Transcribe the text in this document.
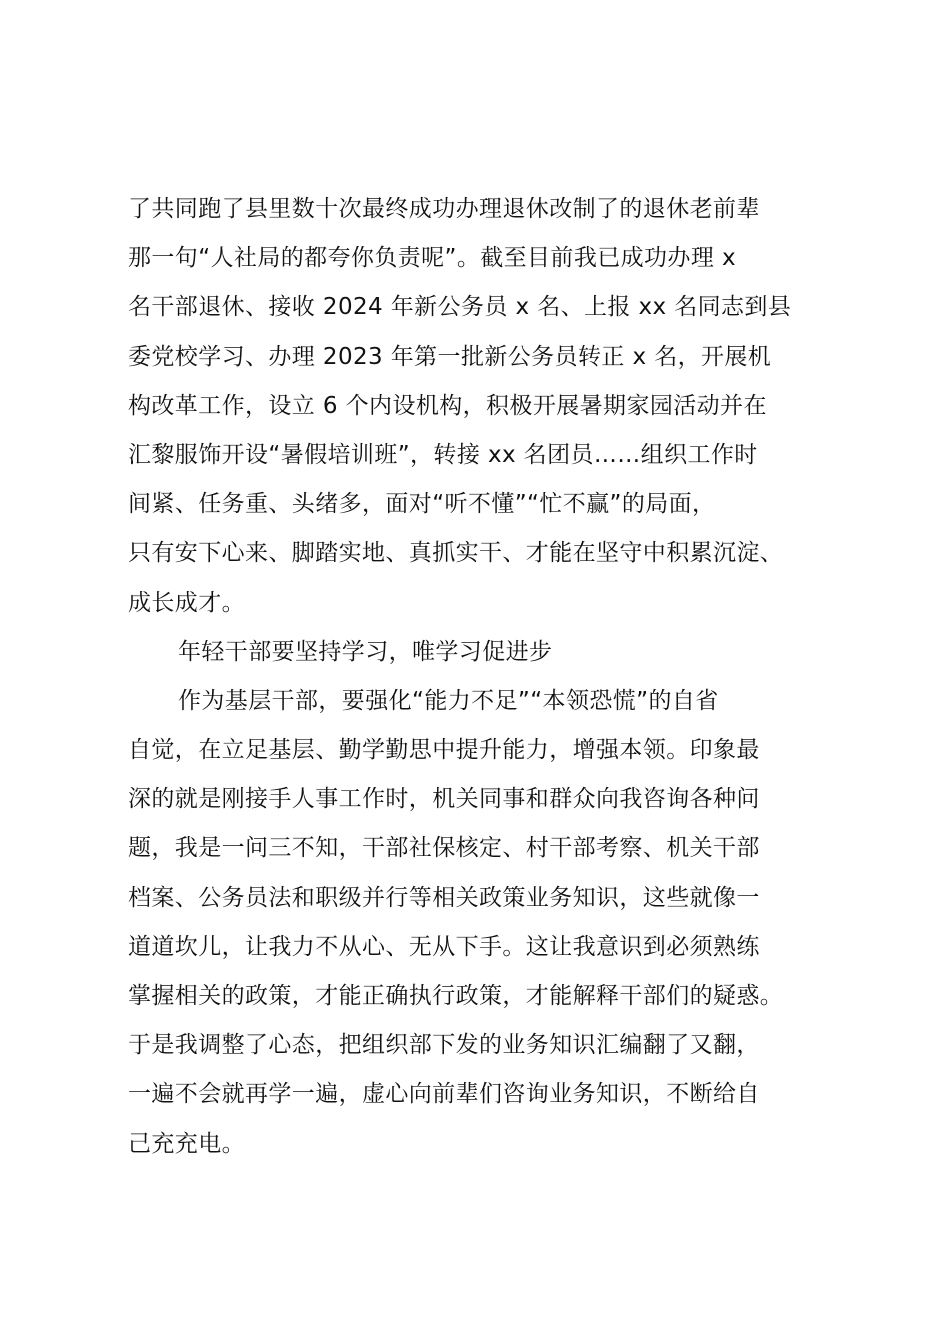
了共同跑了县里数十次最终成功办理退休改制了的退休老前辈
那一句“人社局的都夸你负责呢”。截至目前我已成功办理 x
名干部退休、接收 2024 年新公务员 x 名、上报 xx 名同志到县
委党校学习、办理 2023 年第一批新公务员转正 x 名，开展机
构改革工作，设立 6 个内设机构，积极开展暑期家园活动并在
汇黎服饰开设“暑假培训班”，转接 xx 名团员……组织工作时
间紧、任务重、头绪多，面对“听不懂”“忙不赢”的局面，
只有安下心来、脚踏实地、真抓实干、才能在坚守中积累沉淀、
成长成才。
年轻干部要坚持学习，唯学习促进步
作为基层干部，要强化“能力不足”“本领恐慌”的自省
自觉，在立足基层、勤学勤思中提升能力，增强本领。印象最
深的就是刚接手人事工作时，机关同事和群众向我咨询各种问
题，我是一问三不知，干部社保核定、村干部考察、机关干部
档案、公务员法和职级并行等相关政策业务知识，这些就像一
道道坎儿，让我力不从心、无从下手。这让我意识到必须熟练
掌握相关的政策，才能正确执行政策，才能解释干部们的疑惑。
于是我调整了心态，把组织部下发的业务知识汇编翻了又翻，
一遍不会就再学一遍，虚心向前辈们咨询业务知识，不断给自
己充充电。
